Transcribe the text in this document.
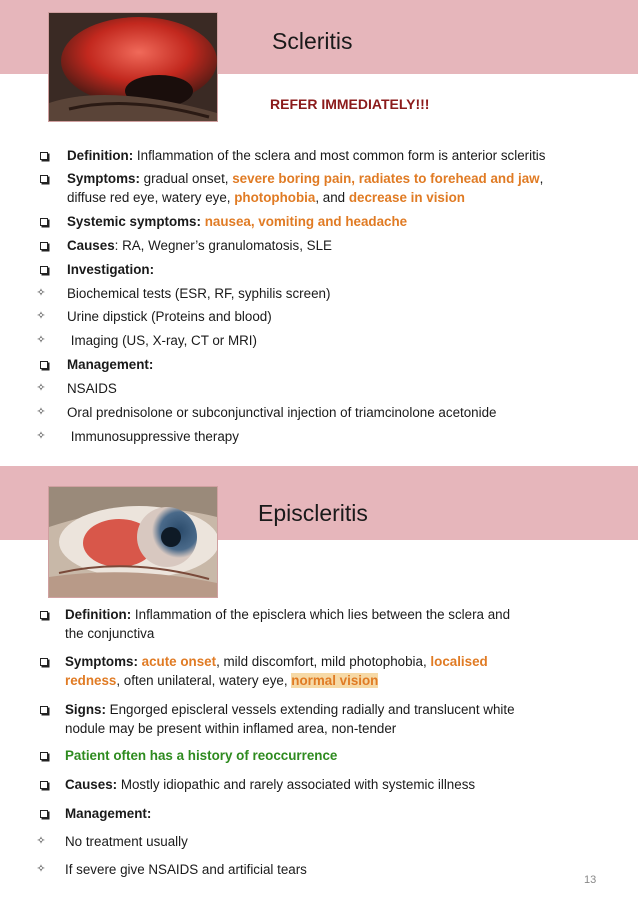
Scleritis
REFER IMMEDIATELY!!!
Definition: Inflammation of the sclera and most common form is anterior scleritis
Symptoms: gradual onset, severe boring pain, radiates to forehead and jaw,
diffuse red eye, watery eye, photophobia, and decrease in vision
Systemic symptoms: nausea, vomiting and headache
Causes: RA, Wegner’s granulomatosis, SLE
Investigation:
✧ Biochemical tests (ESR, RF, syphilis screen)
✧ Urine dipstick (Proteins and blood)
✧ Imaging (US, X-ray, CT or MRI)
Management:
✧ NSAIDS
✧ Oral prednisolone or subconjunctival injection of triamcinolone acetonide
✧ Immunosuppressive therapy
Episcleritis
Definition: Inflammation of the episclera which lies between the sclera and
the conjunctiva
Symptoms: acute onset, mild discomfort, mild photophobia, localised
redness, often unilateral, watery eye, normal vision
Signs: Engorged episcleral vessels extending radially and translucent white
nodule may be present within inflamed area, non-tender
Patient often has a history of reoccurrence
Causes: Mostly idiopathic and rarely associated with systemic illness
Management:
✧ No treatment usually
✧ If severe give NSAIDS and artificial tears
13
